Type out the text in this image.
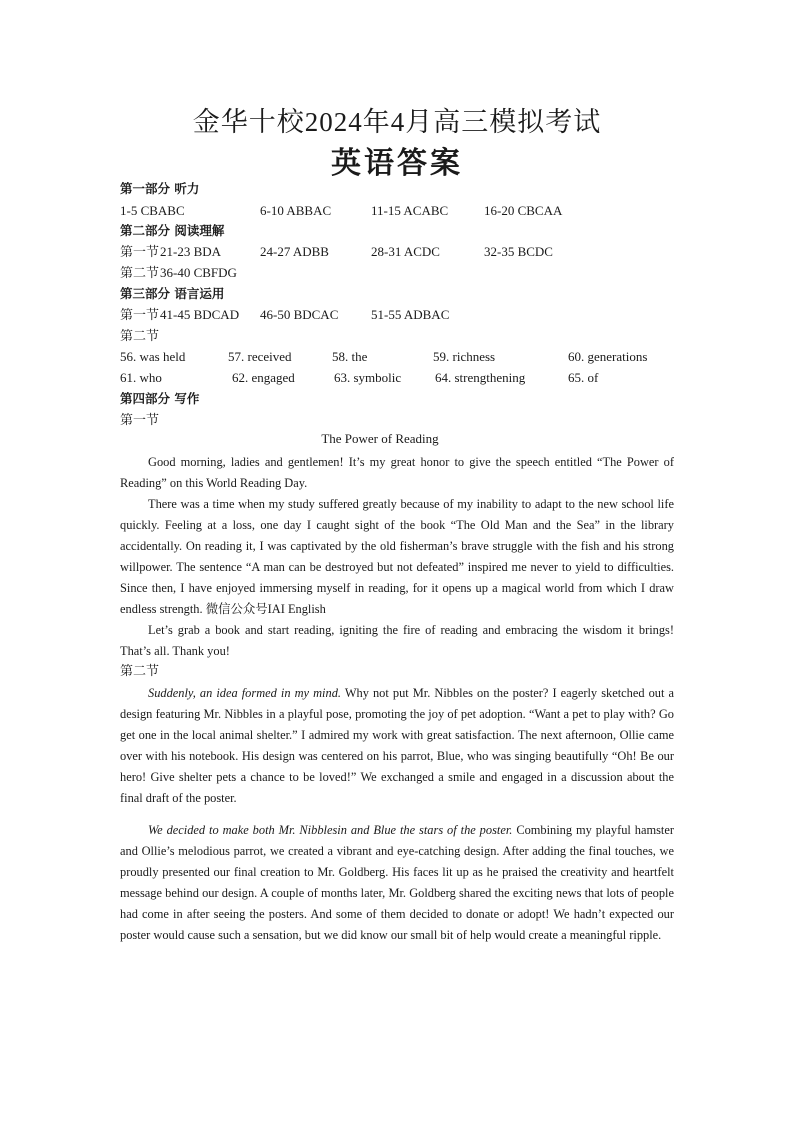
金华十校2024年4月高三模拟考试
英语答案
第一部分 听力
1-5 CBABC	6-10 ABBAC	11-15 ACABC	16-20 CBCAA
第二部分 阅读理解
第一节 21-23 BDA	24-27 ADBB	28-31 ACDC	32-35 BCDC
第二节 36-40 CBFDG
第三部分 语言运用
第一节 41-45 BDCAD 46-50 BDCAC	51-55 ADBAC
第二节
56. was held	57. received	58. the	59. richness	60. generations
61. who	62. engaged	63. symbolic	64. strengthening	65. of
第四部分 写作
第一节
The Power of Reading

Good morning, ladies and gentlemen! It’s my great honor to give the speech entitled “The Power of Reading” on this World Reading Day.

There was a time when my study suffered greatly because of my inability to adapt to the new school life quickly. Feeling at a loss, one day I caught sight of the book “The Old Man and the Sea” in the library accidentally. On reading it, I was captivated by the old fisherman’s brave struggle with the fish and his strong willpower. The sentence “A man can be destroyed but not defeated” inspired me never to yield to difficulties. Since then, I have enjoyed immersing myself in reading, for it opens up a magical world from which I draw endless strength. 微信公众号IAI English

Let’s grab a book and start reading, igniting the fire of reading and embracing the wisdom it brings! That’s all. Thank you!

第二节

Suddenly, an idea formed in my mind. Why not put Mr. Nibbles on the poster? I eagerly sketched out a design featuring Mr. Nibbles in a playful pose, promoting the joy of pet adoption. “Want a pet to play with? Go get one in the local animal shelter.” I admired my work with great satisfaction. The next afternoon, Ollie came over with his notebook. His design was centered on his parrot, Blue, who was singing beautifully “Oh! Be our hero! Give shelter pets a chance to be loved!” We exchanged a smile and engaged in a discussion about the final draft of the poster.

We decided to make both Mr. Nibblesin and Blue the stars of the poster. Combining my playful hamster and Ollie’s melodious parrot, we created a vibrant and eye-catching design. After adding the final touches, we proudly presented our final creation to Mr. Goldberg. His faces lit up as he praised the creativity and heartfelt message behind our design. A couple of months later, Mr. Goldberg shared the exciting news that lots of people had come in after seeing the posters. And some of them decided to donate or adopt! We hadn’t expected our poster would cause such a sensation, but we did know our small bit of help would create a meaningful ripple.
